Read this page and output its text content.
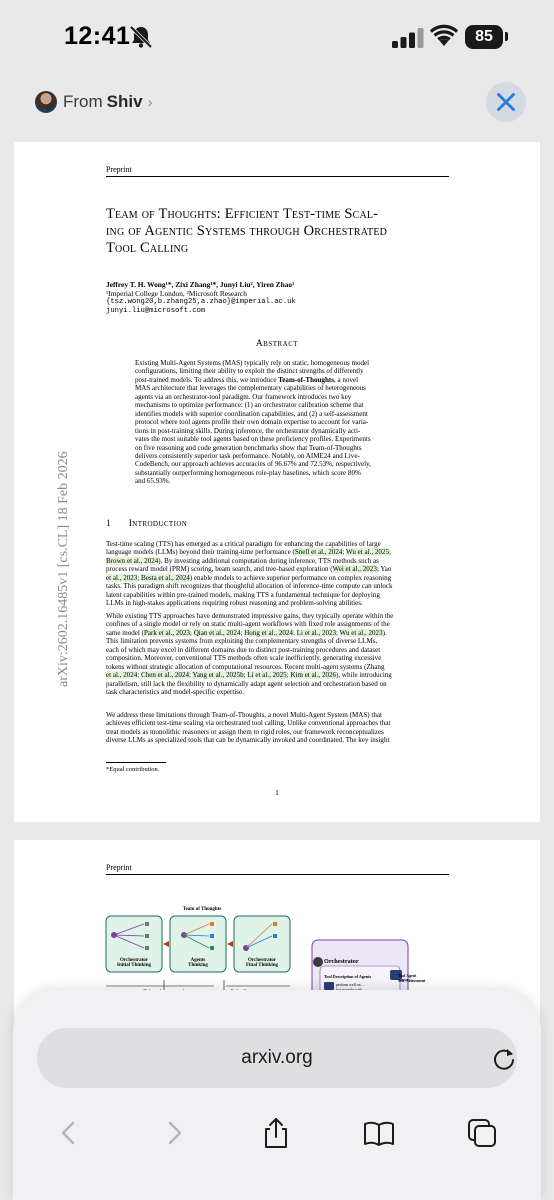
12:41	85
From Shiv ›
Preprint
arXiv:2602.16485v1 [cs.CL] 18 Feb 2026
Team of Thoughts: Efficient Test-time Scal-
ing of Agentic Systems through Orchestrated
Tool Calling
Jeffrey T. H. Wong¹*, Zixi Zhang¹*, Junyi Liu², Yiren Zhao¹
¹Imperial College London, ²Microsoft Research
{tsz.wong20,b.zhang25,a.zhao}@imperial.ac.uk
junyi.liu@microsoft.com
Abstract
Existing Multi-Agent Systems (MAS) typically rely on static, homogeneous model
configurations, limiting their ability to exploit the distinct strengths of differently
post-trained models. To address this, we introduce Team-of-Thoughts, a novel
MAS architecture that leverages the complementary capabilities of heterogeneous
agents via an orchestrator-tool paradigm. Our framework introduces two key
mechanisms to optimize performance: (1) an orchestrator calibration scheme that
identifies models with superior coordination capabilities, and (2) a self-assessment
protocol where tool agents profile their own domain expertise to account for varia-
tions in post-training skills. During inference, the orchestrator dynamically acti-
vates the most suitable tool agents based on these proficiency profiles. Experiments
on five reasoning and code generation benchmarks show that Team-of-Thoughts
delivers consistently superior task performance. Notably, on AIME24 and Live-
CodeBench, our approach achieves accuracies of 96.67% and 72.53%, respectively,
substantially outperforming homogeneous role-play baselines, which score 80%
and 65.93%.
1 Introduction
Test-time scaling (TTS) has emerged as a critical paradigm for enhancing the capabilities of large
language models (LLMs) beyond their training-time performance (Snell et al., 2024; Wu et al., 2025;
Brown et al., 2024). By investing additional computation during inference, TTS methods such as
process reward model (PRM) scoring, beam search, and tree-based exploration (Wei et al., 2023; Yao
et al., 2023; Besta et al., 2024) enable models to achieve superior performance on complex reasoning
tasks. This paradigm shift recognizes that thoughtful allocation of inference-time compute can unlock
latent capabilities within pre-trained models, making TTS a fundamental technique for deploying
LLMs in high-stakes applications requiring robust reasoning and problem-solving abilities.
While existing TTS approaches have demonstrated impressive gains, they typically operate within the
confines of a single model or rely on static multi-agent workflows with fixed role assignments of the
same model (Park et al., 2023; Qian et al., 2024; Hong et al., 2024; Li et al., 2023; Wu et al., 2023).
This limitation prevents systems from exploiting the complementary strengths of diverse LLMs,
each of which may excel in different domains due to distinct post-training procedures and dataset
composition. Moreover, conventional TTS methods often scale inefficiently, generating excessive
tokens without strategic allocation of computational resources. Recent multi-agent systems (Zhang
et al., 2024; Chen et al., 2024; Yang et al., 2025b; Li et al., 2025; Kim et al., 2026), while introducing
parallelism, still lack the flexibility to dynamically adapt agent selection and orchestration based on
task characteristics and model-specific expertise.
We address these limitations through Team-of-Thoughts, a novel Multi-Agent System (MAS) that
achieves efficient test-time scaling via orchestrated tool calling. Unlike conventional approaches that
treat models as monolithic reasoners or assign them to rigid roles, our framework reconceptualizes
diverse LLMs as specialized tools that can be dynamically invoked and coordinated. The key insight
*Equal contribution.
1
Preprint
Team of Thoughts
Orchestrator
Initial Thinking
Agents
Thinking
Orchestrator
Final Thinking
Orchestrator
Tool Description of Agents
perform well on ...
Tool Agent
Self-Assessment
arxiv.org
